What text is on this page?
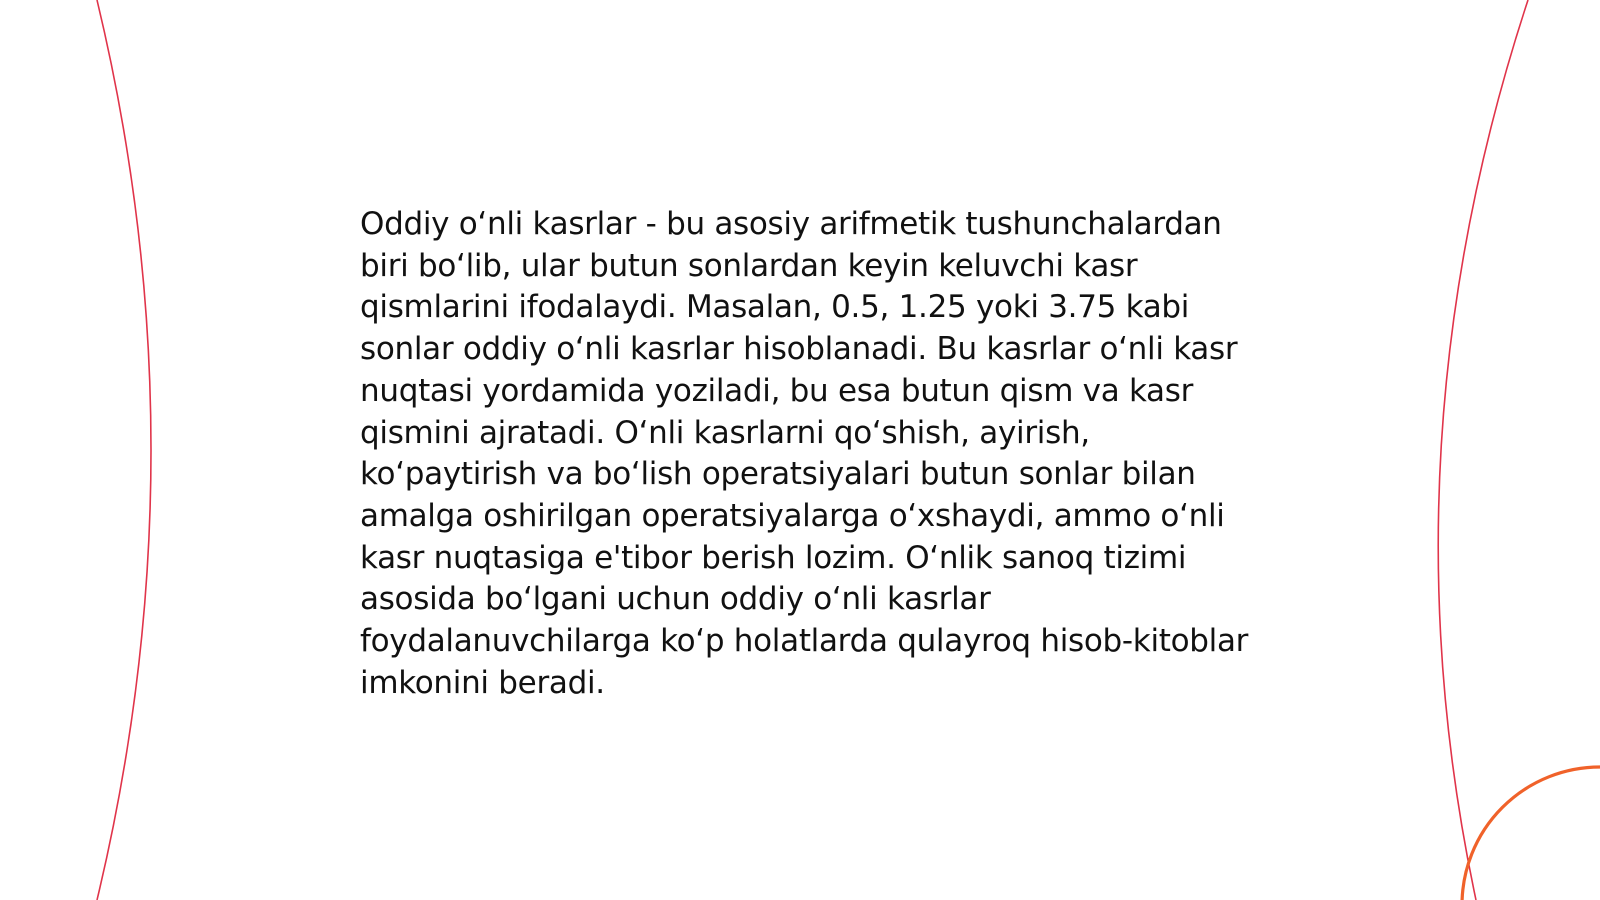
Oddiy o‘nli kasrlar - bu asosiy arifmetik tushunchalardan biri bo‘lib, ular butun sonlardan keyin keluvchi kasr qismlarini ifodalaydi. Masalan, 0.5, 1.25 yoki 3.75 kabi sonlar oddiy o‘nli kasrlar hisoblanadi. Bu kasrlar o‘nli kasr nuqtasi yordamida yoziladi, bu esa butun qism va kasr qismini ajratadi. O‘nli kasrlarni qo‘shish, ayirish, ko‘paytirish va bo‘lish operatsiyalari butun sonlar bilan amalga oshirilgan operatsiyalarga o‘xshaydi, ammo o‘nli kasr nuqtasiga e'tibor berish lozim. O‘nlik sanoq tizimi asosida bo‘lgani uchun oddiy o‘nli kasrlar foydalanuvchilarga ko‘p holatlarda qulayroq hisob-kitoblar imkonini beradi.
